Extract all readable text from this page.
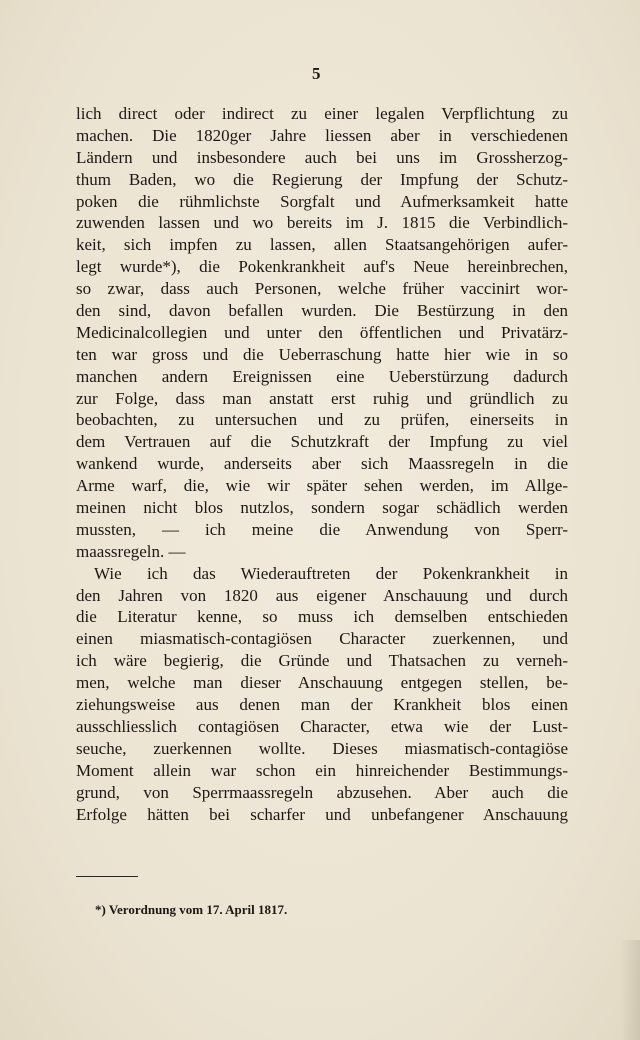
5
lich direct oder indirect zu einer legalen Verpflichtung zu
machen. Die 1820ger Jahre liessen aber in verschiedenen
Ländern und insbesondere auch bei uns im Grossherzog-
thum Baden, wo die Regierung der Impfung der Schutz-
poken die rühmlichste Sorgfalt und Aufmerksamkeit hatte
zuwenden lassen und wo bereits im J. 1815 die Verbindlich-
keit, sich impfen zu lassen, allen Staatsangehörigen aufer-
legt wurde*), die Pokenkrankheit auf's Neue hereinbrechen,
so zwar, dass auch Personen, welche früher vaccinirt wor-
den sind, davon befallen wurden. Die Bestürzung in den
Medicinalcollegien und unter den öffentlichen und Privatärz-
ten war gross und die Ueberraschung hatte hier wie in so
manchen andern Ereignissen eine Ueberstürzung dadurch
zur Folge, dass man anstatt erst ruhig und gründlich zu
beobachten, zu untersuchen und zu prüfen, einerseits in
dem Vertrauen auf die Schutzkraft der Impfung zu viel
wankend wurde, anderseits aber sich Maassregeln in die
Arme warf, die, wie wir später sehen werden, im Allge-
meinen nicht blos nutzlos, sondern sogar schädlich werden
mussten, — ich meine die Anwendung von Sperr-
maassregeln. —
Wie ich das Wiederauftreten der Pokenkrankheit in
den Jahren von 1820 aus eigener Anschauung und durch
die Literatur kenne, so muss ich demselben entschieden
einen miasmatisch-contagiösen Character zuerkennen, und
ich wäre begierig, die Gründe und Thatsachen zu verneh-
men, welche man dieser Anschauung entgegen stellen, be-
ziehungsweise aus denen man der Krankheit blos einen
ausschliesslich contagiösen Character, etwa wie der Lust-
seuche, zuerkennen wollte. Dieses miasmatisch-contagiöse
Moment allein war schon ein hinreichender Bestimmungs-
grund, von Sperrmaassregeln abzusehen. Aber auch die
Erfolge hätten bei scharfer und unbefangener Anschauung
*) Verordnung vom 17. April 1817.
